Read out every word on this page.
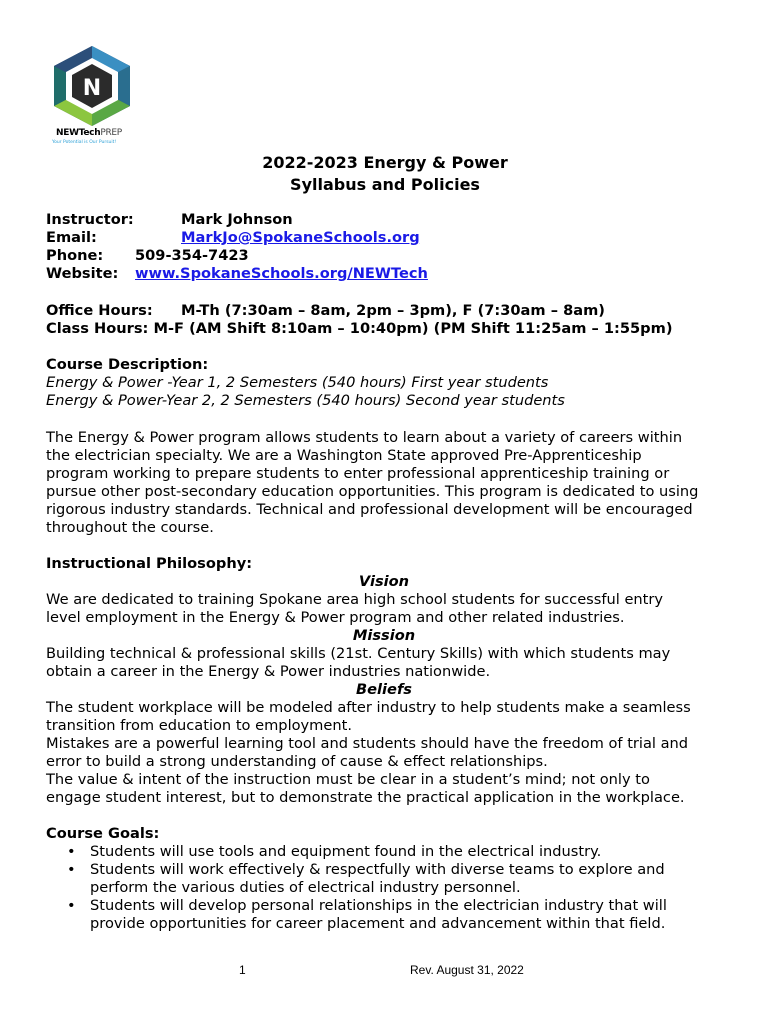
N
NEWTechPREP
Your Potential is Our Pursuit!
2022-2023 Energy & Power
Syllabus and Policies
Instructor:	Mark Johnson
Email:	MarkJo@SpokaneSchools.org
Phone: 509-354-7423
Website: www.SpokaneSchools.org/NEWTech
Office Hours: M-Th (7:30am – 8am, 2pm – 3pm), F (7:30am – 8am)
Class Hours: M-F (AM Shift 8:10am – 10:40pm) (PM Shift 11:25am – 1:55pm)
Course Description:
Energy & Power -Year 1, 2 Semesters (540 hours) First year students
Energy & Power-Year 2, 2 Semesters (540 hours) Second year students
The Energy & Power program allows students to learn about a variety of careers within
the electrician specialty. We are a Washington State approved Pre-Apprenticeship
program working to prepare students to enter professional apprenticeship training or
pursue other post-secondary education opportunities. This program is dedicated to using
rigorous industry standards. Technical and professional development will be encouraged
throughout the course.
Instructional Philosophy:
Vision
We are dedicated to training Spokane area high school students for successful entry
level employment in the Energy & Power program and other related industries.
Mission
Building technical & professional skills (21st. Century Skills) with which students may
obtain a career in the Energy & Power industries nationwide.
Beliefs
The student workplace will be modeled after industry to help students make a seamless
transition from education to employment.
Mistakes are a powerful learning tool and students should have the freedom of trial and
error to build a strong understanding of cause & effect relationships.
The value & intent of the instruction must be clear in a student’s mind; not only to
engage student interest, but to demonstrate the practical application in the workplace.
Course Goals:
• Students will use tools and equipment found in the electrical industry.
• Students will work effectively & respectfully with diverse teams to explore and
perform the various duties of electrical industry personnel.
• Students will develop personal relationships in the electrician industry that will
provide opportunities for career placement and advancement within that field.
1	Rev. August 31, 2022
